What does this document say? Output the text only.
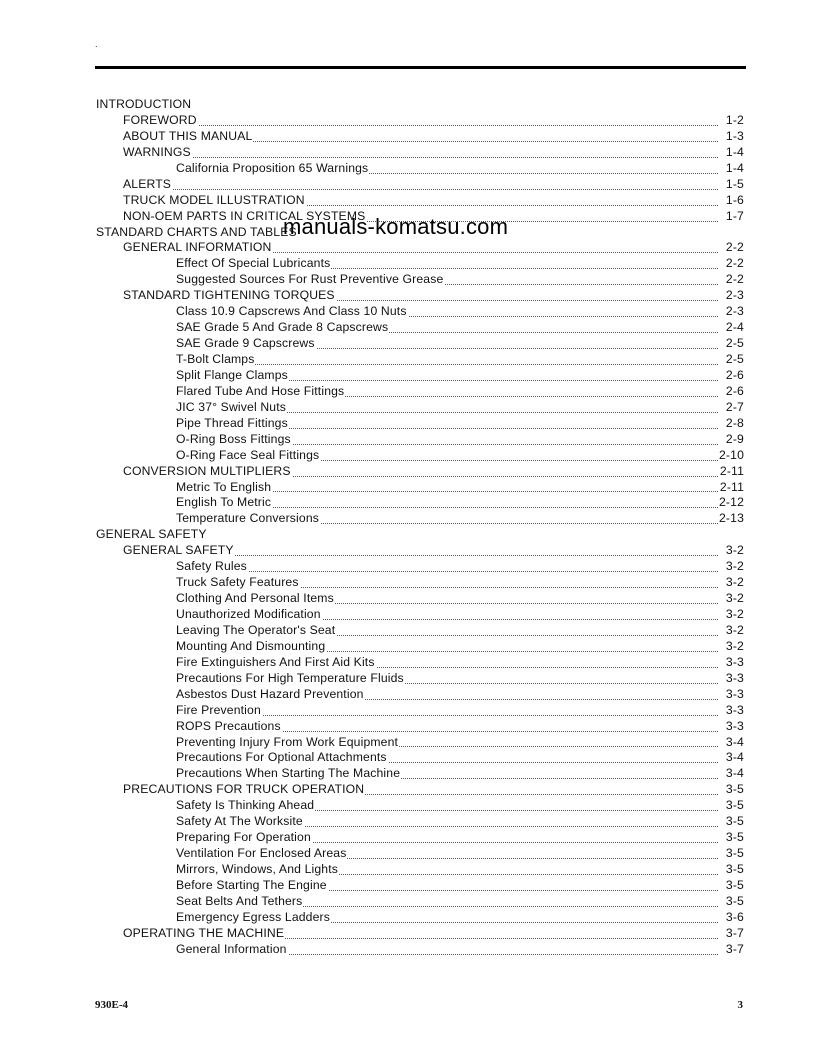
.
INTRODUCTION
FOREWORD	1-2
ABOUT THIS MANUAL	1-3
WARNINGS	1-4
California Proposition 65 Warnings	1-4
ALERTS	1-5
TRUCK MODEL ILLUSTRATION	1-6
NON-OEM PARTS IN CRITICAL SYSTEMS	1-7
STANDARD CHARTS AND TABLES
GENERAL INFORMATION	2-2
Effect Of Special Lubricants	2-2
Suggested Sources For Rust Preventive Grease	2-2
STANDARD TIGHTENING TORQUES	2-3
Class 10.9 Capscrews And Class 10 Nuts	2-3
SAE Grade 5 And Grade 8 Capscrews	2-4
SAE Grade 9 Capscrews	2-5
T-Bolt Clamps	2-5
Split Flange Clamps	2-6
Flared Tube And Hose Fittings	2-6
JIC 37° Swivel Nuts	2-7
Pipe Thread Fittings	2-8
O-Ring Boss Fittings	2-9
O-Ring Face Seal Fittings	2-10
CONVERSION MULTIPLIERS	2-11
Metric To English	2-11
English To Metric	2-12
Temperature Conversions	2-13
GENERAL SAFETY
GENERAL SAFETY	3-2
Safety Rules	3-2
Truck Safety Features	3-2
Clothing And Personal Items	3-2
Unauthorized Modification	3-2
Leaving The Operator's Seat	3-2
Mounting And Dismounting	3-2
Fire Extinguishers And First Aid Kits	3-3
Precautions For High Temperature Fluids	3-3
Asbestos Dust Hazard Prevention	3-3
Fire Prevention	3-3
ROPS Precautions	3-3
Preventing Injury From Work Equipment	3-4
Precautions For Optional Attachments	3-4
Precautions When Starting The Machine	3-4
PRECAUTIONS FOR TRUCK OPERATION	3-5
Safety Is Thinking Ahead	3-5
Safety At The Worksite	3-5
Preparing For Operation	3-5
Ventilation For Enclosed Areas	3-5
Mirrors, Windows, And Lights	3-5
Before Starting The Engine	3-5
Seat Belts And Tethers	3-5
Emergency Egress Ladders	3-6
OPERATING THE MACHINE	3-7
General Information	3-7
manuals-komatsu.com
930E-4	3
